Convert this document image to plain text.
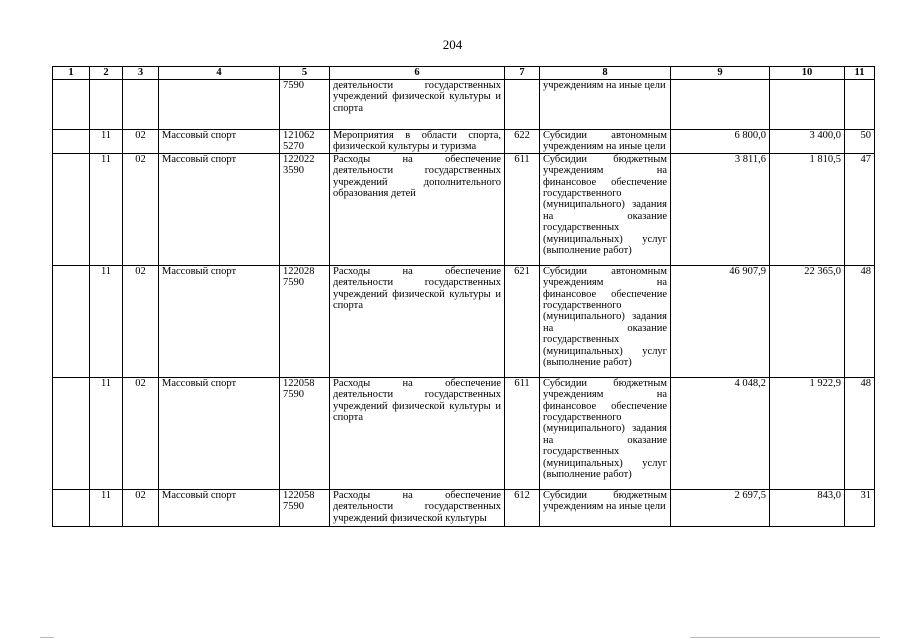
204
1	2	3	4	5	6	7	8	9	10	11
				7590	деятельности государственных учреждений физической культуры и спорта		учреждениям на иные цели			
	11	02	Массовый спорт	121062 5270	Мероприятия в области спорта, физической культуры и туризма	622	Субсидии автономным учреждениям на иные цели	6 800,0	3 400,0	50
	11	02	Массовый спорт	122022 3590	Расходы на обеспечение деятельности государственных учреждений дополнительного образования детей	611	Субсидии бюджетным учреждениям на финансовое обеспечение государственного (муниципального) задания на оказание государственных (муниципальных) услуг (выполнение работ)	3 811,6	1 810,5	47
	11	02	Массовый спорт	122028 7590	Расходы на обеспечение деятельности государственных учреждений физической культуры и спорта	621	Субсидии автономным учреждениям на финансовое обеспечение государственного (муниципального) задания на оказание государственных (муниципальных) услуг (выполнение работ)	46 907,9	22 365,0	48
	11	02	Массовый спорт	122058 7590	Расходы на обеспечение деятельности государственных учреждений физической культуры и спорта	611	Субсидии бюджетным учреждениям на финансовое обеспечение государственного (муниципального) задания на оказание государственных (муниципальных) услуг (выполнение работ)	4 048,2	1 922,9	48
	11	02	Массовый спорт	122058 7590	Расходы на обеспечение деятельности государственных учреждений физической культуры	612	Субсидии бюджетным учреждениям на иные цели	2 697,5	843,0	31
